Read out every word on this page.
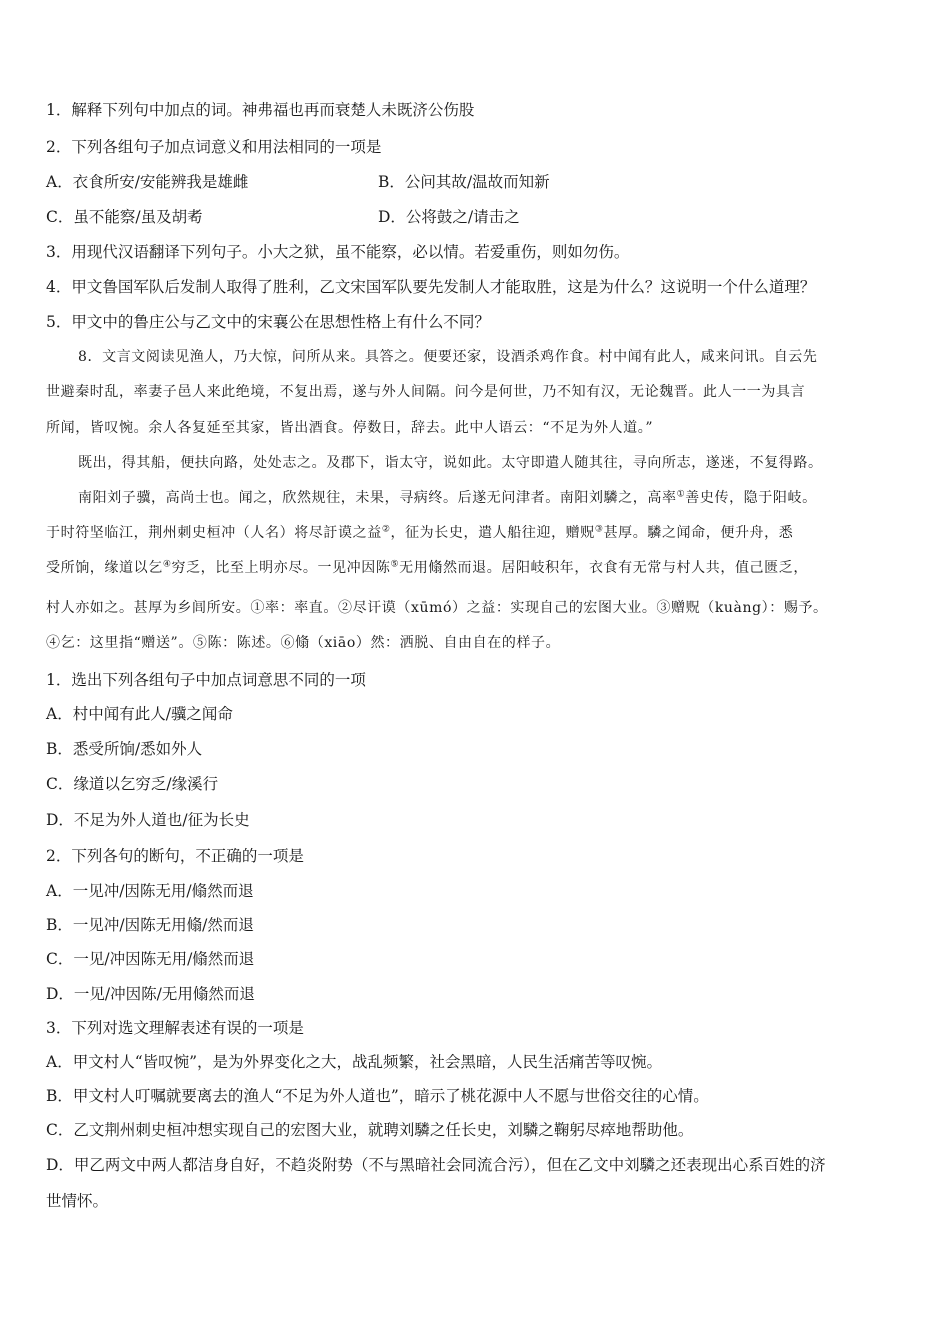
1．解释下列句中加点的词。神弗福也再而衰楚人未既济公伤股
2．下列各组句子加点词意义和用法相同的一项是
A．衣食所安/安能辨我是雄雌	B．公问其故/温故而知新
C．虽不能察/虽及胡耇	D．公将鼓之/请击之
3．用现代汉语翻译下列句子。小大之狱，虽不能察，必以情。若爱重伤，则如勿伤。
4．甲文鲁国军队后发制人取得了胜利，乙文宋国军队要先发制人才能取胜，这是为什么？这说明一个什么道理？
5．甲文中的鲁庄公与乙文中的宋襄公在思想性格上有什么不同？
8．文言文阅读见渔人，乃大惊，问所从来。具答之。便要还家，设酒杀鸡作食。村中闻有此人，咸来问讯。自云先
世避秦时乱，率妻子邑人来此绝境，不复出焉，遂与外人间隔。问今是何世，乃不知有汉，无论魏晋。此人一一为具言
所闻，皆叹惋。余人各复延至其家，皆出酒食。停数日，辞去。此中人语云：“不足为外人道。”
既出，得其船，便扶向路，处处志之。及郡下，诣太守，说如此。太守即遣人随其往，寻向所志，遂迷，不复得路。
南阳刘子骥，高尚士也。闻之，欣然规往，未果，寻病终。后遂无问津者。南阳刘驎之，高率①善史传，隐于阳岐。
于时符坚临江，荆州刺史桓冲（人名）将尽訏谟之益②，征为长史，遣人船往迎，赠贶③甚厚。驎之闻命，便升舟，悉
受所饷，缘道以乞④穷乏，比至上明亦尽。一见冲因陈⑤无用翛然而退。居阳岐积年，衣食有无常与村人共，值己匮乏，
村人亦如之。甚厚为乡闾所安。①率：率直。②尽讦谟（xūmó）之益：实现自己的宏图大业。③赠贶（kuàng）：赐予。
④乞：这里指“赠送”。⑤陈：陈述。⑥翛（xiāo）然：洒脱、自由自在的样子。
1．选出下列各组句子中加点词意思不同的一项
A．村中闻有此人/骥之闻命
B．悉受所饷/悉如外人
C．缘道以乞穷乏/缘溪行
D．不足为外人道也/征为长史
2．下列各句的断句，不正确的一项是
A．一见冲/因陈无用/翛然而退
B．一见冲/因陈无用翛/然而退
C．一见/冲因陈无用/翛然而退
D．一见/冲因陈/无用翛然而退
3．下列对选文理解表述有误的一项是
A．甲文村人“皆叹惋”，是为外界变化之大，战乱频繁，社会黑暗，人民生活痛苦等叹惋。
B．甲文村人叮嘱就要离去的渔人“不足为外人道也”，暗示了桃花源中人不愿与世俗交往的心情。
C．乙文荆州刺史桓冲想实现自己的宏图大业，就聘刘驎之任长史，刘驎之鞠躬尽瘁地帮助他。
D．甲乙两文中两人都洁身自好，不趋炎附势（不与黑暗社会同流合污），但在乙文中刘驎之还表现出心系百姓的济
世情怀。
